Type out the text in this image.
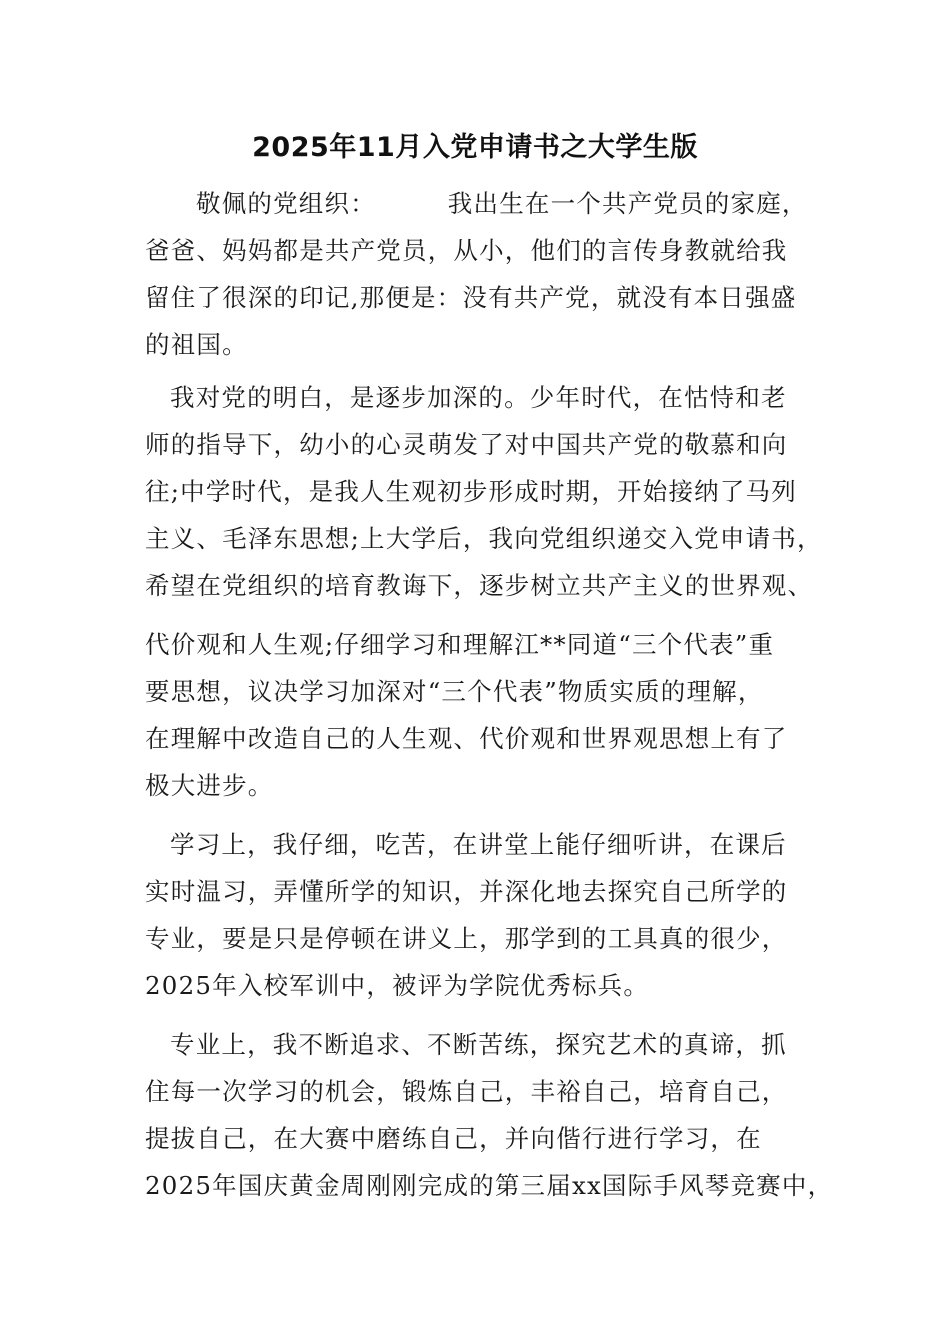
2025年11月入党申请书之大学生版
敬佩的党组织：        我出生在一个共产党员的家庭，
爸爸、妈妈都是共产党员，从小，他们的言传身教就给我
留住了很深的印记,那便是：没有共产党，就没有本日强盛
的祖国。
我对党的明白，是逐步加深的。少年时代，在怙恃和老
师的指导下，幼小的心灵萌发了对中国共产党的敬慕和向
往;中学时代，是我人生观初步形成时期，开始接纳了马列
主义、毛泽东思想;上大学后，我向党组织递交入党申请书，
希望在党组织的培育教诲下，逐步树立共产主义的世界观、
代价观和人生观;仔细学习和理解江**同道“三个代表”重
要思想，议决学习加深对“三个代表”物质实质的理解，
在理解中改造自己的人生观、代价观和世界观思想上有了
极大进步。
学习上，我仔细，吃苦，在讲堂上能仔细听讲，在课后
实时温习，弄懂所学的知识，并深化地去探究自己所学的
专业，要是只是停顿在讲义上，那学到的工具真的很少，
2025年入校军训中，被评为学院优秀标兵。
专业上，我不断追求、不断苦练，探究艺术的真谛，抓
住每一次学习的机会，锻炼自己，丰裕自己，培育自己，
提拔自己，在大赛中磨练自己，并向偕行进行学习，在
2025年国庆黄金周刚刚完成的第三届xx国际手风琴竞赛中，
